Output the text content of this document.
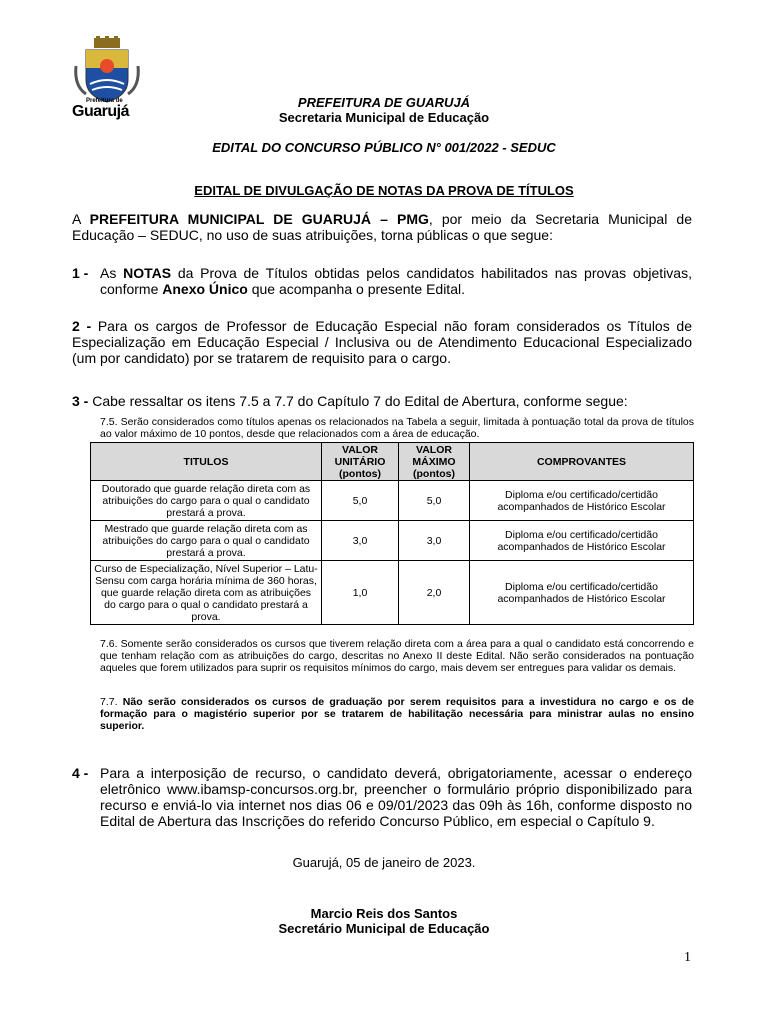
Prefeitura de
Guarujá
PREFEITURA DE GUARUJÁ
Secretaria Municipal de Educação
EDITAL DO CONCURSO PÚBLICO N° 001/2022 - SEDUC
EDITAL DE DIVULGAÇÃO DE NOTAS DA PROVA DE TÍTULOS
A PREFEITURA MUNICIPAL DE GUARUJÁ – PMG, por meio da Secretaria Municipal de Educação – SEDUC, no uso de suas atribuições, torna públicas o que segue:
1 - As NOTAS da Prova de Títulos obtidas pelos candidatos habilitados nas provas objetivas, conforme Anexo Único que acompanha o presente Edital.
2 - Para os cargos de Professor de Educação Especial não foram considerados os Títulos de Especialização em Educação Especial / Inclusiva ou de Atendimento Educacional Especializado (um por candidato) por se tratarem de requisito para o cargo.
3 - Cabe ressaltar os itens 7.5 a 7.7 do Capítulo 7 do Edital de Abertura, conforme segue:
7.5. Serão considerados como títulos apenas os relacionados na Tabela a seguir, limitada à pontuação total da prova de títulos ao valor máximo de 10 pontos, desde que relacionados com a área de educação.
TITULOS	VALOR UNITÁRIO (pontos)	VALOR MÁXIMO (pontos)	COMPROVANTES
Doutorado que guarde relação direta com as atribuições do cargo para o qual o candidato prestará a prova.	5,0	5,0	Diploma e/ou certificado/certidão acompanhados de Histórico Escolar
Mestrado que guarde relação direta com as atribuições do cargo para o qual o candidato prestará a prova.	3,0	3,0	Diploma e/ou certificado/certidão acompanhados de Histórico Escolar
Curso de Especialização, Nível Superior – Latu-Sensu com carga horária mínima de 360 horas, que guarde relação direta com as atribuições do cargo para o qual o candidato prestará a prova.	1,0	2,0	Diploma e/ou certificado/certidão acompanhados de Histórico Escolar
7.6. Somente serão considerados os cursos que tiverem relação direta com a área para a qual o candidato está concorrendo e que tenham relação com as atribuições do cargo, descritas no Anexo II deste Edital. Não serão considerados na pontuação aqueles que forem utilizados para suprir os requisitos mínimos do cargo, mais devem ser entregues para validar os demais.
7.7. Não serão considerados os cursos de graduação por serem requisitos para a investidura no cargo e os de formação para o magistério superior por se tratarem de habilitação necessária para ministrar aulas no ensino superior.
4 - Para a interposição de recurso, o candidato deverá, obrigatoriamente, acessar o endereço eletrônico www.ibamsp-concursos.org.br, preencher o formulário próprio disponibilizado para recurso e enviá-lo via internet nos dias 06 e 09/01/2023 das 09h às 16h, conforme disposto no Edital de Abertura das Inscrições do referido Concurso Público, em especial o Capítulo 9.
Guarujá, 05 de janeiro de 2023.
Marcio Reis dos Santos
Secretário Municipal de Educação
1
